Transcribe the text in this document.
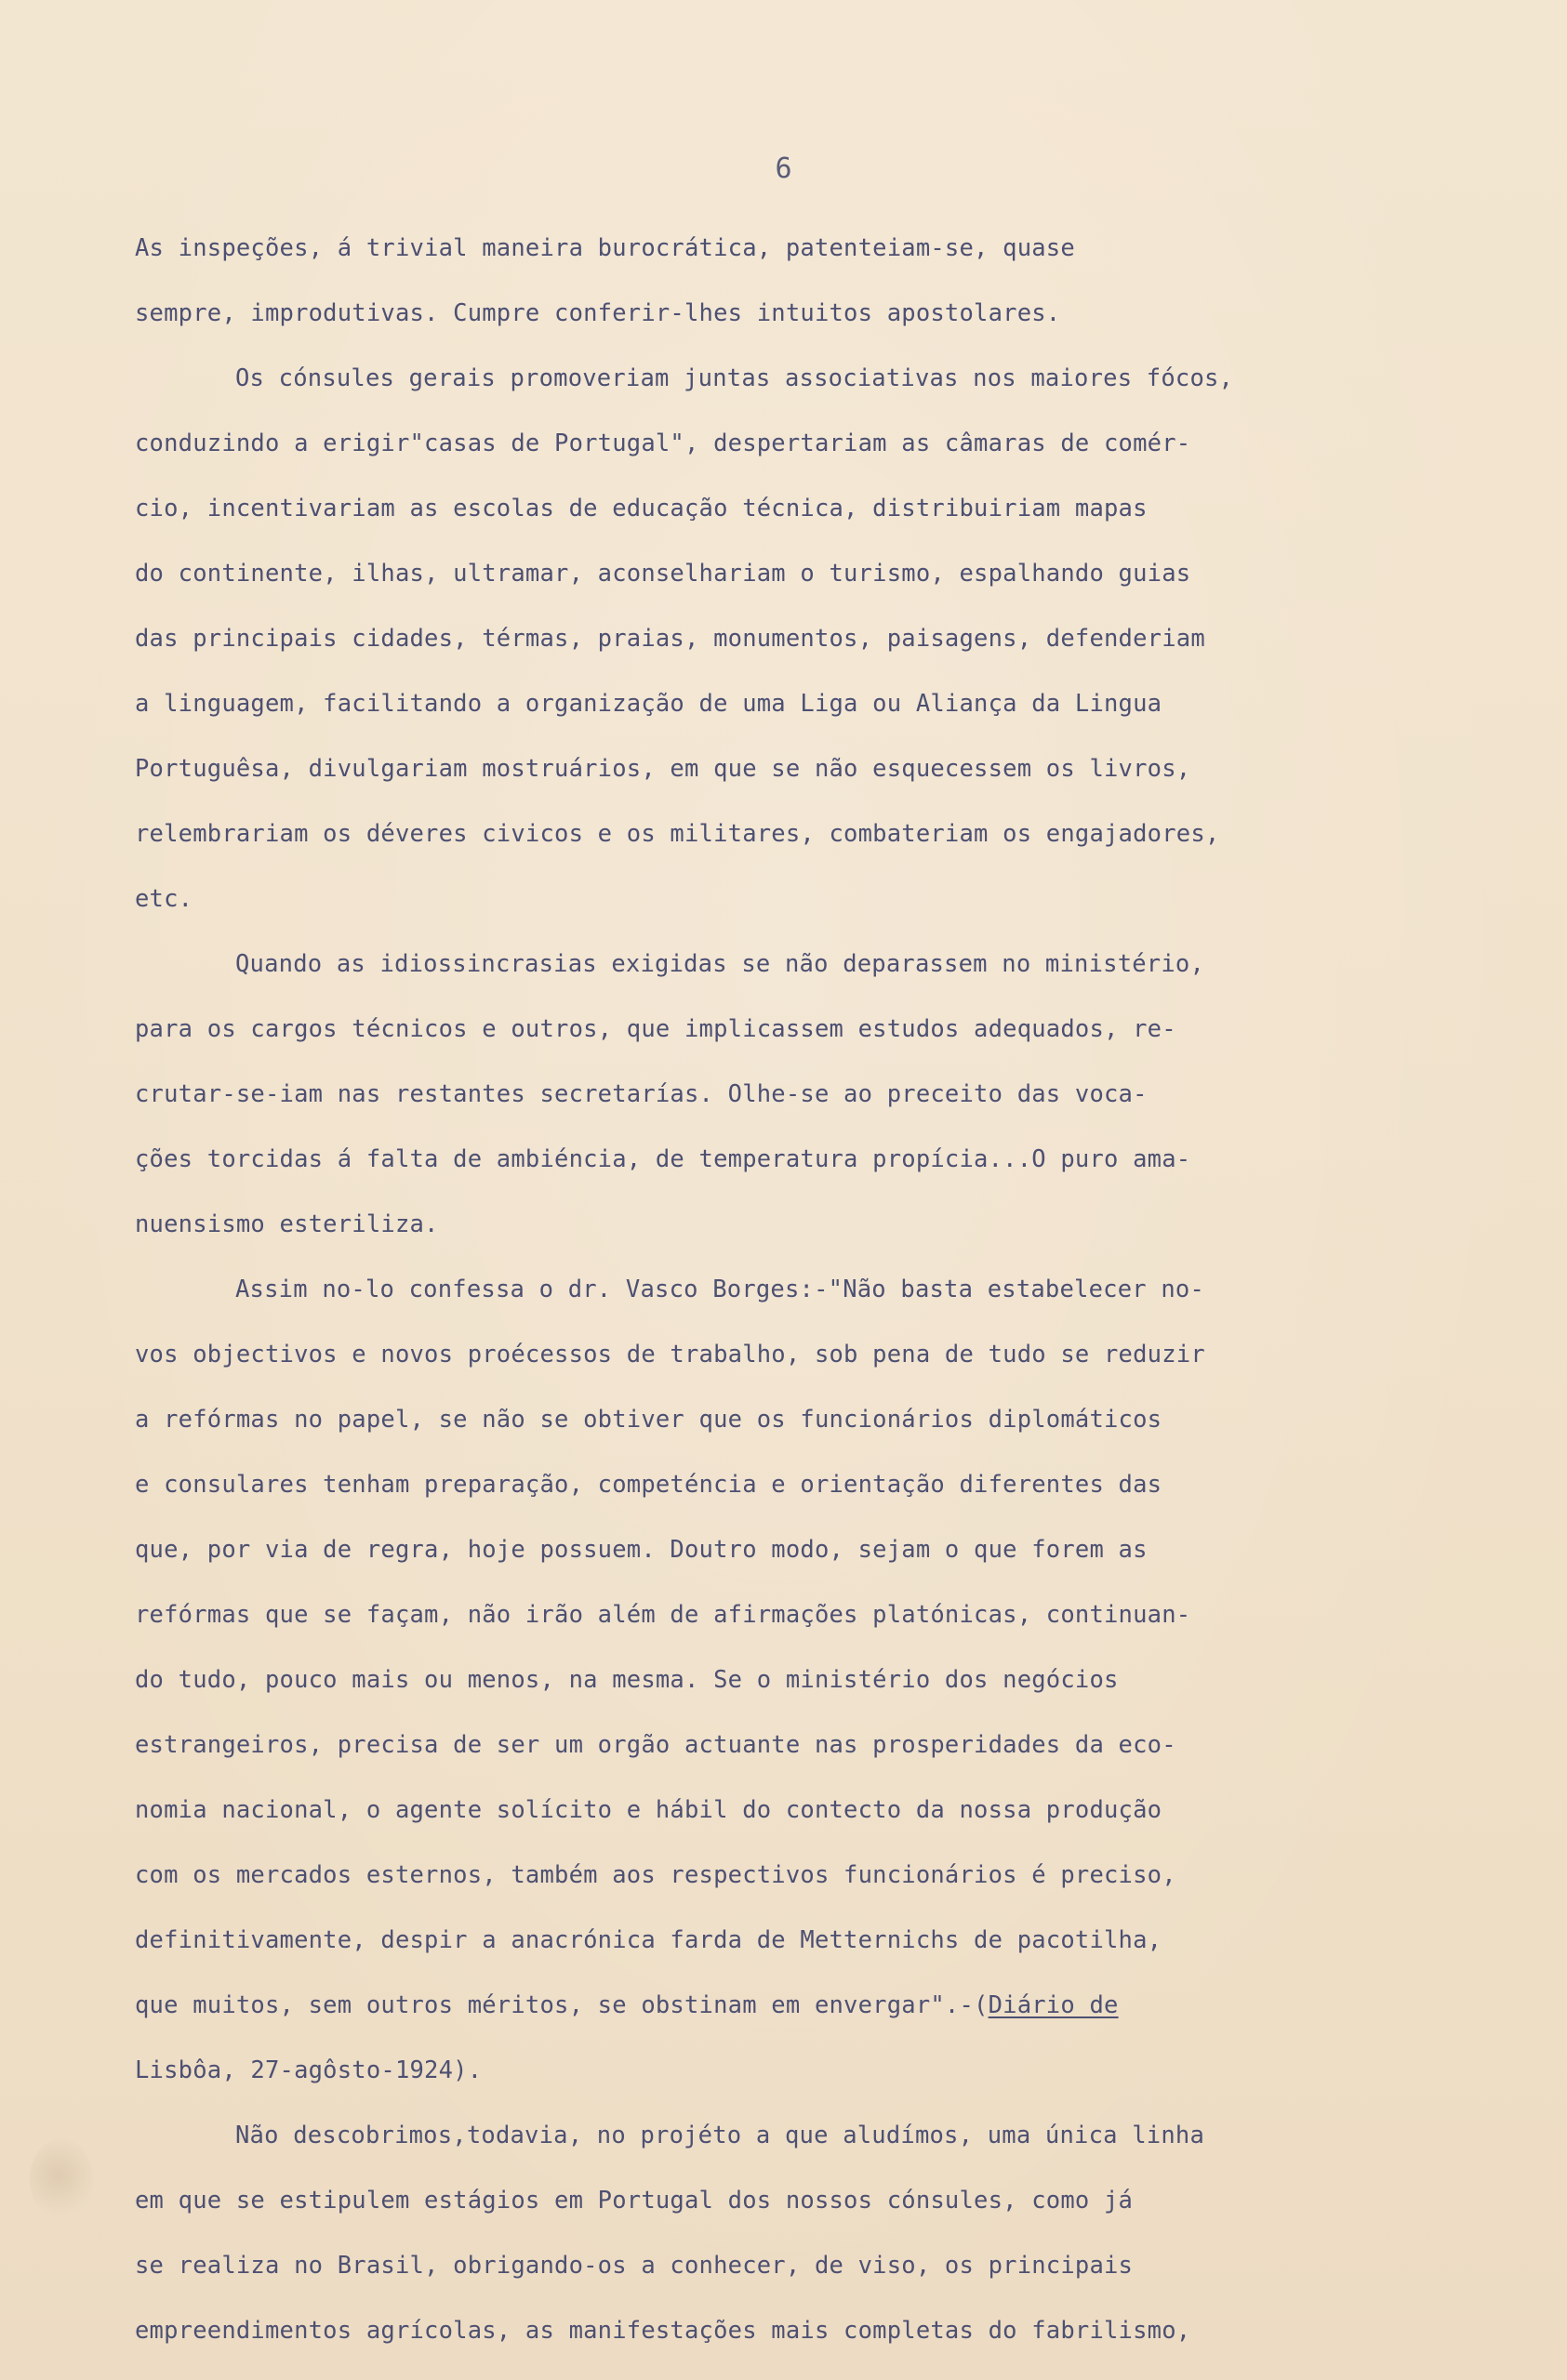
6
As inspeções, á trivial maneira burocrática, patenteiam-se, quase
sempre, improdutivas. Cumpre conferir-lhes intuitos apostolares.
Os cónsules gerais promoveriam juntas associativas nos maiores fócos,
conduzindo a erigir"casas de Portugal", despertariam as câmaras de comér-
cio, incentivariam as escolas de educação técnica, distribuiriam mapas
do continente, ilhas, ultramar, aconselhariam o turismo, espalhando guias
das principais cidades, térmas, praias, monumentos, paisagens, defenderiam
a linguagem, facilitando a organização de uma Liga ou Aliança da Lingua
Portuguêsa, divulgariam mostruários, em que se não esquecessem os livros,
relembrariam os déveres civicos e os militares, combateriam os engajadores,
etc.
Quando as idiossincrasias exigidas se não deparassem no ministério,
para os cargos técnicos e outros, que implicassem estudos adequados, re-
crutar-se-iam nas restantes secretarías. Olhe-se ao preceito das voca-
ções torcidas á falta de ambiéncia, de temperatura propícia...O puro ama-
nuensismo esteriliza.
Assim no-lo confessa o dr. Vasco Borges:-"Não basta estabelecer no-
vos objectivos e novos proécessos de trabalho, sob pena de tudo se reduzir
a refórmas no papel, se não se obtiver que os funcionários diplomáticos
e consulares tenham preparação, competéncia e orientação diferentes das
que, por via de regra, hoje possuem. Doutro modo, sejam o que forem as
refórmas que se façam, não irão além de afirmações platónicas, continuan-
do tudo, pouco mais ou menos, na mesma. Se o ministério dos negócios
estrangeiros, precisa de ser um orgão actuante nas prosperidades da eco-
nomia nacional, o agente solícito e hábil do contecto da nossa produção
com os mercados esternos, também aos respectivos funcionários é preciso,
definitivamente, despir a anacrónica farda de Metternichs de pacotilha,
que muitos, sem outros méritos, se obstinam em envergar".-(Diário de
Lisbôa, 27-agôsto-1924).
Não descobrimos,todavia, no projéto a que aludímos, uma única linha
em que se estipulem estágios em Portugal dos nossos cónsules, como já
se realiza no Brasil, obrigando-os a conhecer, de viso, os principais
empreendimentos agrícolas, as manifestações mais completas do fabrilismo,
